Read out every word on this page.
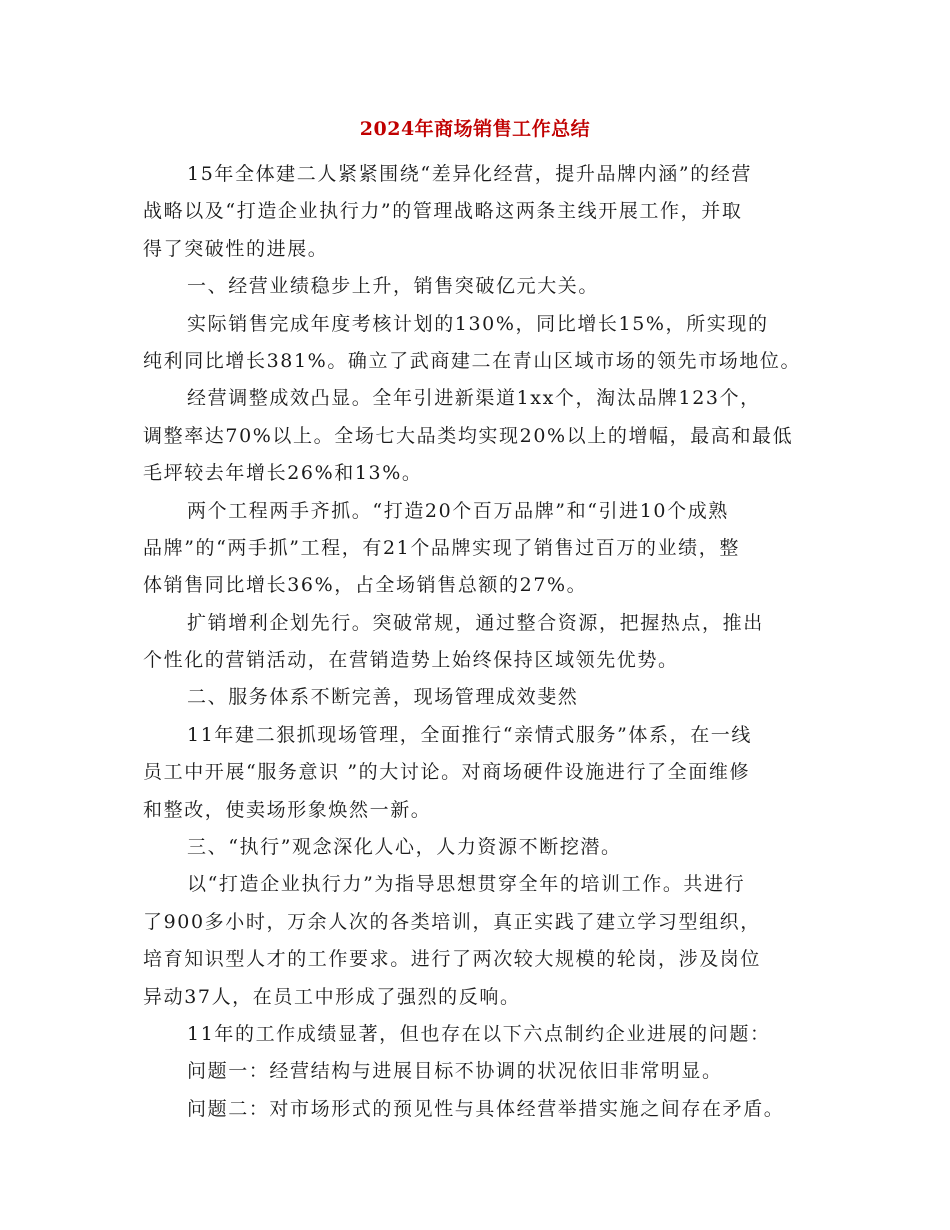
2024年商场销售工作总结
15年全体建二人紧紧围绕“差异化经营，提升品牌内涵”的经营
战略以及“打造企业执行力”的管理战略这两条主线开展工作，并取
得了突破性的进展。
一、经营业绩稳步上升，销售突破亿元大关。
实际销售完成年度考核计划的130%，同比增长15%，所实现的
纯利同比增长381%。确立了武商建二在青山区域市场的领先市场地位。
经营调整成效凸显。全年引进新渠道1xx个，淘汰品牌123个，
调整率达70%以上。全场七大品类均实现20%以上的增幅，最高和最低
毛坪较去年增长26%和13%。
两个工程两手齐抓。“打造20个百万品牌”和“引进10个成熟
品牌”的“两手抓”工程，有21个品牌实现了销售过百万的业绩，整
体销售同比增长36%，占全场销售总额的27%。
扩销增利企划先行。突破常规，通过整合资源，把握热点，推出
个性化的营销活动，在营销造势上始终保持区域领先优势。
二、服务体系不断完善，现场管理成效斐然
11年建二狠抓现场管理，全面推行“亲情式服务”体系，在一线
员工中开展“服务意识 ”的大讨论。对商场硬件设施进行了全面维修
和整改，使卖场形象焕然一新。
三、“执行”观念深化人心，人力资源不断挖潜。
以“打造企业执行力”为指导思想贯穿全年的培训工作。共进行
了900多小时，万余人次的各类培训，真正实践了建立学习型组织，
培育知识型人才的工作要求。进行了两次较大规模的轮岗，涉及岗位
异动37人，在员工中形成了强烈的反响。
11年的工作成绩显著，但也存在以下六点制约企业进展的问题：
问题一：经营结构与进展目标不协调的状况依旧非常明显。
问题二：对市场形式的预见性与具体经营举措实施之间存在矛盾。
